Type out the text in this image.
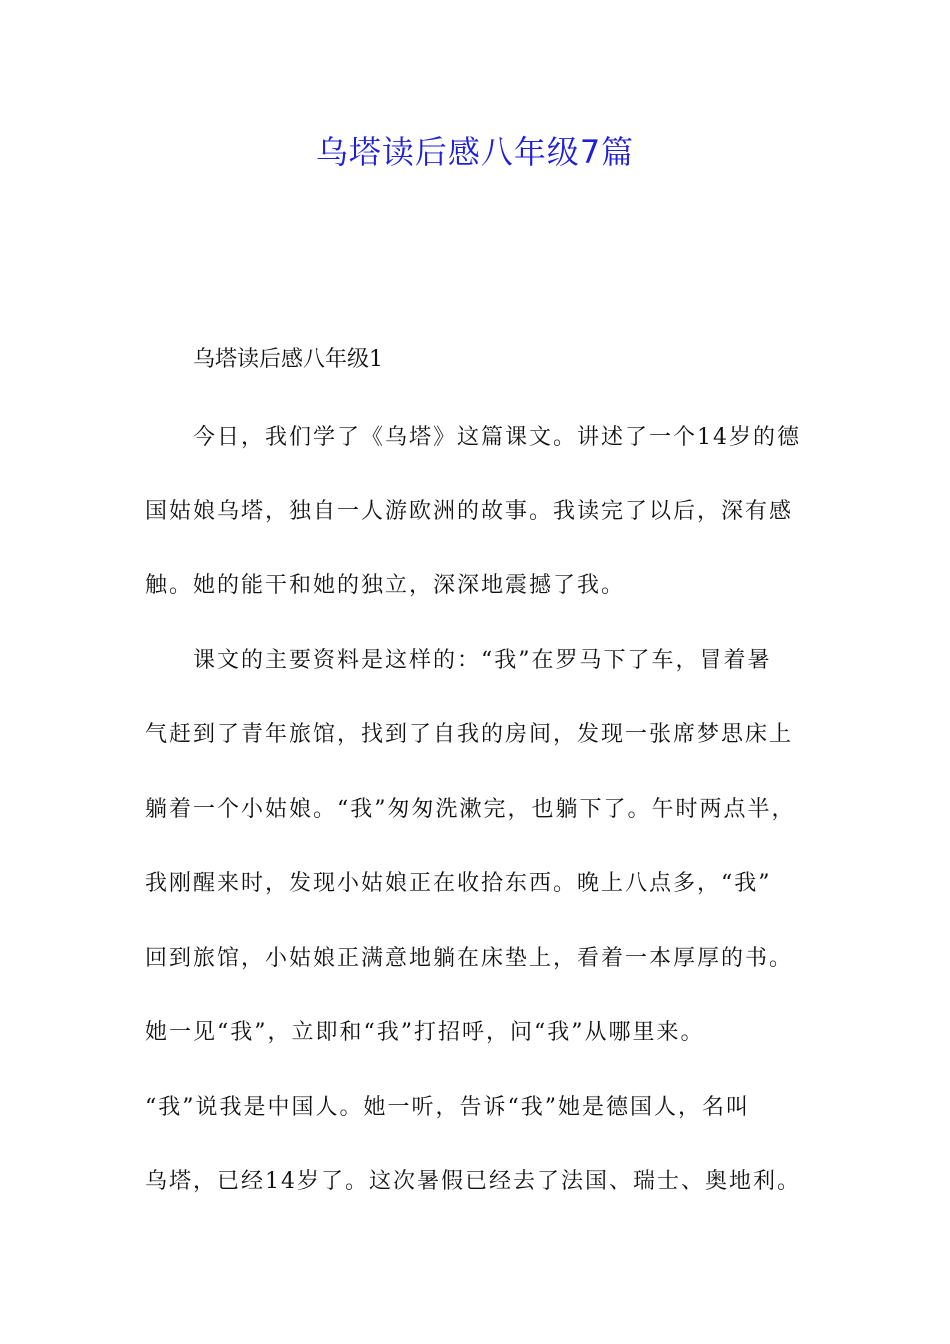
乌塔读后感八年级7篇
乌塔读后感八年级1
今日，我们学了《乌塔》这篇课文。讲述了一个14岁的德
国姑娘乌塔，独自一人游欧洲的故事。我读完了以后，深有感
触。她的能干和她的独立，深深地震撼了我。
课文的主要资料是这样的：“我”在罗马下了车，冒着暑
气赶到了青年旅馆，找到了自我的房间，发现一张席梦思床上
躺着一个小姑娘。“我”匆匆洗漱完，也躺下了。午时两点半，
我刚醒来时，发现小姑娘正在收拾东西。晚上八点多，“我”
回到旅馆，小姑娘正满意地躺在床垫上，看着一本厚厚的书。
她一见“我”，立即和“我”打招呼，问“我”从哪里来。
“我”说我是中国人。她一听，告诉“我”她是德国人，名叫
乌塔，已经14岁了。这次暑假已经去了法国、瑞士、奥地利。
